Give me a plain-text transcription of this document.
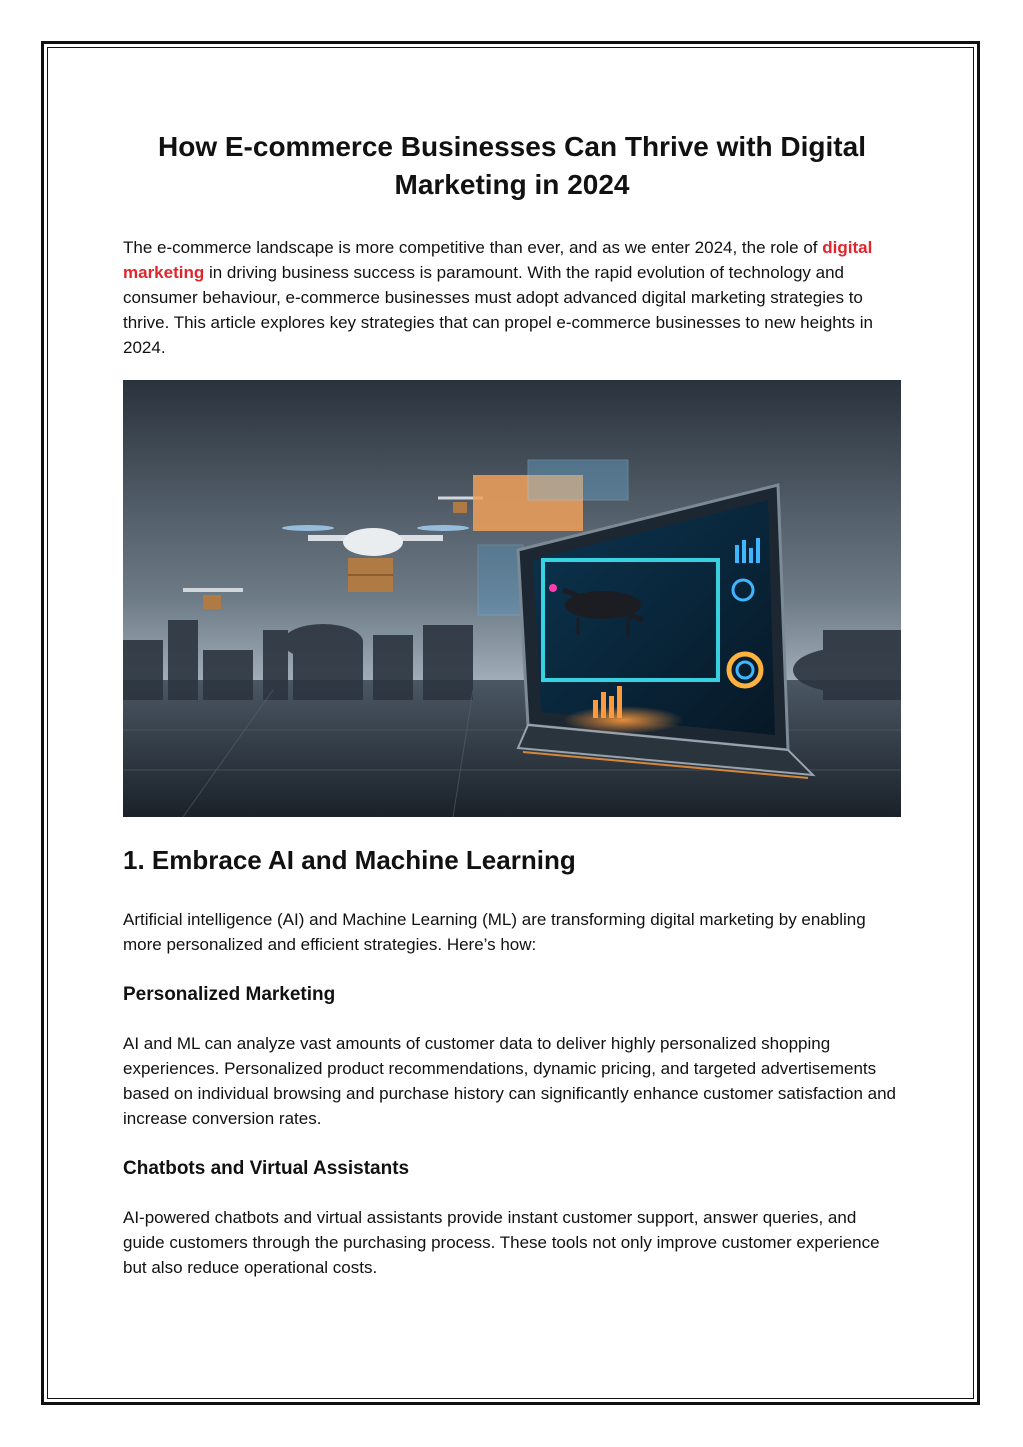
How E-commerce Businesses Can Thrive with Digital Marketing in 2024

The e-commerce landscape is more competitive than ever, and as we enter 2024, the role of digital marketing in driving business success is paramount. With the rapid evolution of technology and consumer behaviour, e-commerce businesses must adopt advanced digital marketing strategies to thrive. This article explores key strategies that can propel e-commerce businesses to new heights in 2024.

1. Embrace AI and Machine Learning

Artificial intelligence (AI) and Machine Learning (ML) are transforming digital marketing by enabling more personalized and efficient strategies. Here’s how:

Personalized Marketing

AI and ML can analyze vast amounts of customer data to deliver highly personalized shopping experiences. Personalized product recommendations, dynamic pricing, and targeted advertisements based on individual browsing and purchase history can significantly enhance customer satisfaction and increase conversion rates.

Chatbots and Virtual Assistants

AI-powered chatbots and virtual assistants provide instant customer support, answer queries, and guide customers through the purchasing process. These tools not only improve customer experience but also reduce operational costs.
